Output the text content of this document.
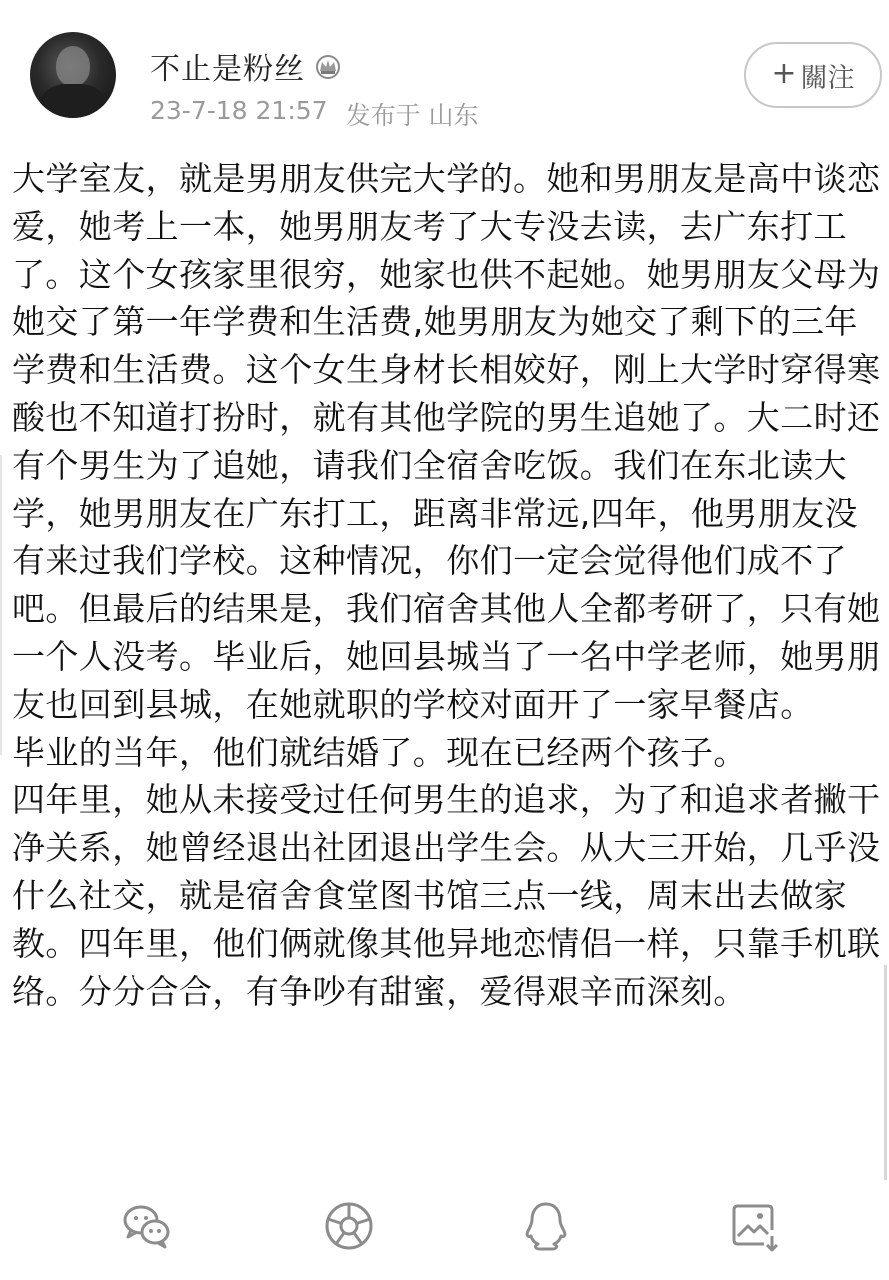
不止是粉丝
23-7-18 21:57 发布于 山东
+ 關注

大学室友，就是男朋友供完大学的。她和男朋友是高中谈恋爱，她考上一本，她男朋友考了大专没去读，去广东打工了。这个女孩家里很穷，她家也供不起她。她男朋友父母为她交了第一年学费和生活费,她男朋友为她交了剩下的三年学费和生活费。这个女生身材长相姣好，刚上大学时穿得寒酸也不知道打扮时，就有其他学院的男生追她了。大二时还有个男生为了追她，请我们全宿舍吃饭。我们在东北读大学，她男朋友在广东打工，距离非常远,四年，他男朋友没有来过我们学校。这种情况，你们一定会觉得他们成不了吧。但最后的结果是，我们宿舍其他人全都考研了，只有她一个人没考。毕业后，她回县城当了一名中学老师，她男朋友也回到县城，在她就职的学校对面开了一家早餐店。

毕业的当年，他们就结婚了。现在已经两个孩子。

四年里，她从未接受过任何男生的追求，为了和追求者撇干净关系，她曾经退出社团退出学生会。从大三开始，几乎没什么社交，就是宿舍食堂图书馆三点一线，周末出去做家教。四年里，他们俩就像其他异地恋情侣一样，只靠手机联络。分分合合，有争吵有甜蜜，爱得艰辛而深刻。
